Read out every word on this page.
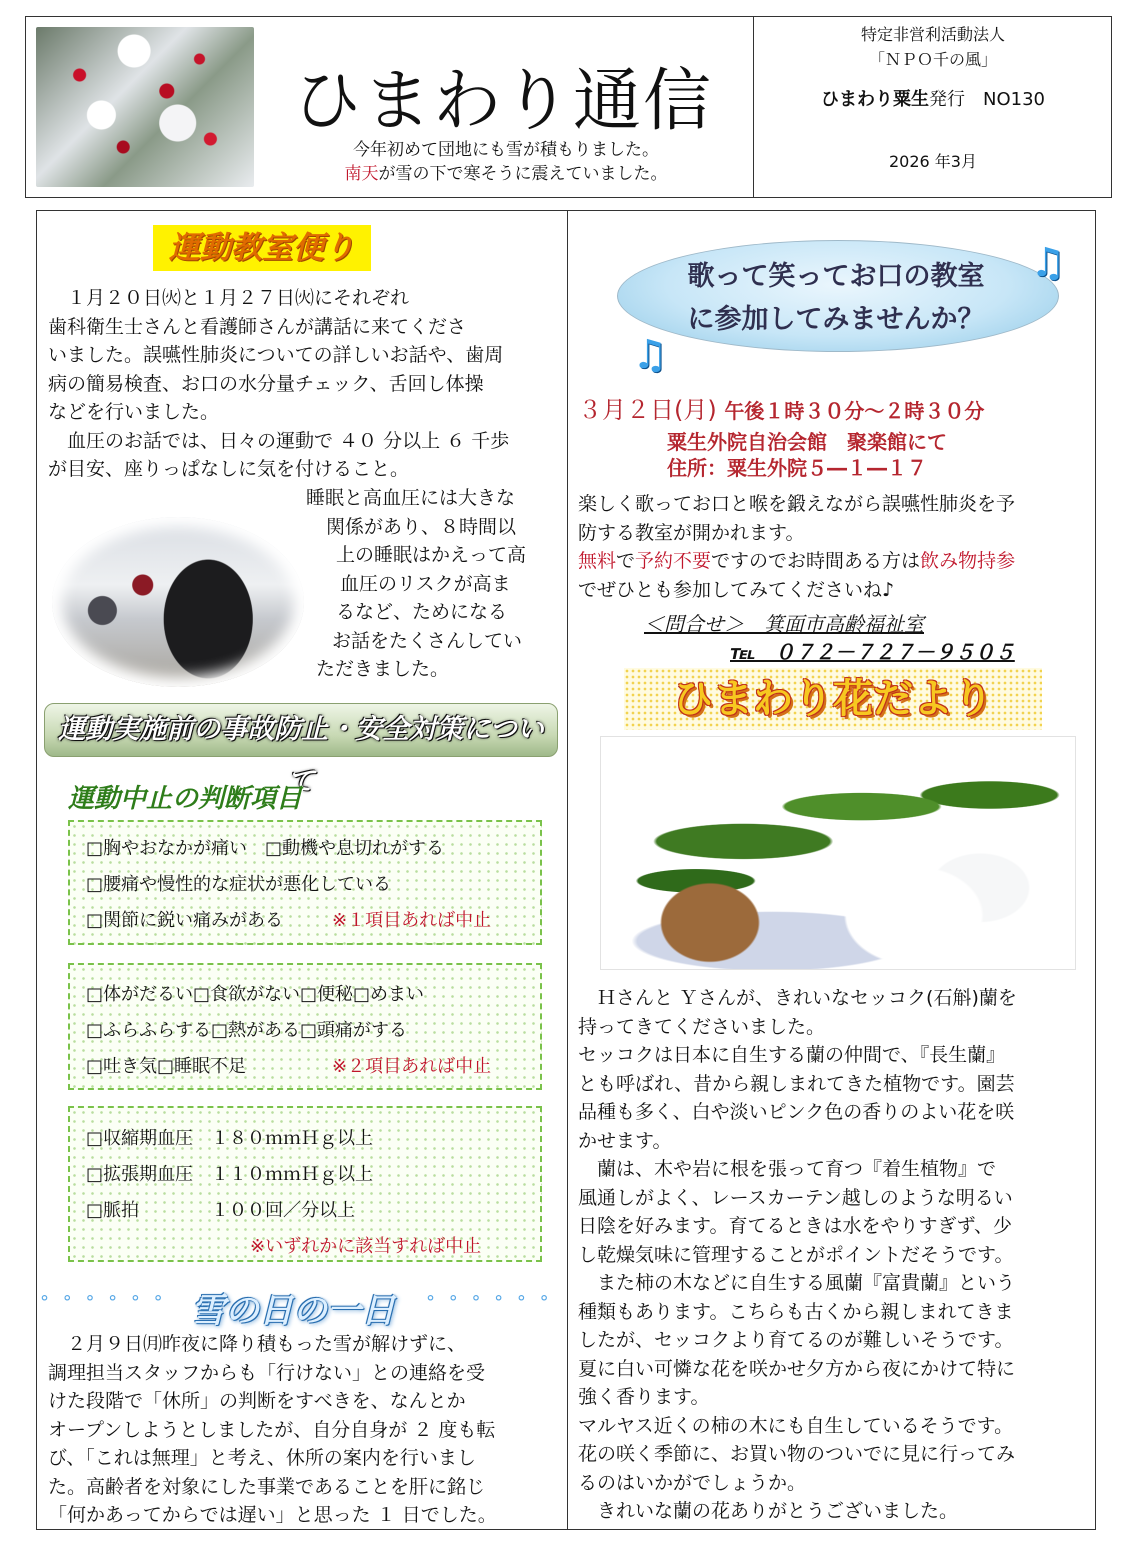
ひまわり通信
今年初めて団地にも雪が積もりました。
南天が雪の下で寒そうに震えていました。
特定非営利活動法人
「ＮＰＯ千の風」
ひまわり粟生発行　NO130
2026 年3月
運動教室便り
　１月２０日㈫と１月２７日㈫にそれぞれ
歯科衛生士さんと看護師さんが講話に来てくださ
いました。誤嚥性肺炎についての詳しいお話や、歯周
病の簡易検査、お口の水分量チェック、舌回し体操
などを行いました。
　血圧のお話では、日々の運動で ４０ 分以上 ６ 千歩
が目安、座りっぱなしに気を付けること。
睡眠と高血圧には大きな
関係があり、８時間以
上の睡眠はかえって高
血圧のリスクが高ま
るなど、ためになる
お話をたくさんしてい
ただきました。
運動実施前の事故防止・安全対策について
運動中止の判断項目
□胸やおなかが痛い　□動機や息切れがする
□腰痛や慢性的な症状が悪化している
□関節に鋭い痛みがある	※１項目あれば中止
□体がだるい□食欲がない□便秘□めまい
□ふらふらする□熱がある□頭痛がする
□吐き気□睡眠不足	※２項目あれば中止
□収縮期血圧　１８０ｍｍＨｇ以上
□拡張期血圧　１１０ｍｍＨｇ以上
□脈拍　　　　１００回／分以上
※いずれかに該当すれば中止
° ° ° ° ° ° 雪の日の一日	° ° ° ° ° °
　２月９日㈪昨夜に降り積もった雪が解けずに、
調理担当スタッフからも「行けない」との連絡を受
けた段階で「休所」の判断をすべきを、なんとか
オープンしようとしましたが、自分自身が ２ 度も転
び、「これは無理」と考え、休所の案内を行いまし
た。高齢者を対象にした事業であることを肝に銘じ
「何かあってからでは遅い」と思った １ 日でした。
歌って笑ってお口の教室
に参加してみませんか？
♫
♫
３月２日(月) 午後１時３０分～２時３０分
粟生外院自治会館　聚楽館にて
住所：粟生外院５―１―１７
楽しく歌ってお口と喉を鍛えながら誤嚥性肺炎を予
防する教室が開かれます。
無料で予約不要ですのでお時間ある方は飲み物持参
でぜひとも参加してみてくださいね♪
＜問合せ＞　箕面市高齢福祉室
℡　０７２－７２７－９５０５
ひまわり花だより
　Ｈさんと Ｙさんが、きれいなセッコク(石斛)蘭を
持ってきてくださいました。
セッコクは日本に自生する蘭の仲間で、『長生蘭』
とも呼ばれ、昔から親しまれてきた植物です。園芸
品種も多く、白や淡いピンク色の香りのよい花を咲
かせます。
　蘭は、木や岩に根を張って育つ『着生植物』で
風通しがよく、レースカーテン越しのような明るい
日陰を好みます。育てるときは水をやりすぎず、少
し乾燥気味に管理することがポイントだそうです。
　また柿の木などに自生する風蘭『富貴蘭』という
種類もあります。こちらも古くから親しまれてきま
したが、セッコクより育てるのが難しいそうです。
夏に白い可憐な花を咲かせ夕方から夜にかけて特に
強く香ります。
マルヤス近くの柿の木にも自生しているそうです。
花の咲く季節に、お買い物のついでに見に行ってみ
るのはいかがでしょうか。
　きれいな蘭の花ありがとうございました。
